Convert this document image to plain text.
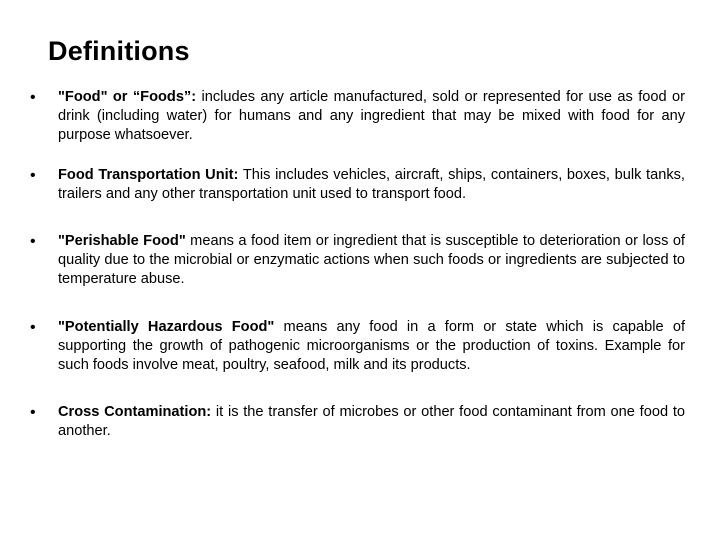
Definitions
• "Food" or “Foods”: includes any article manufactured, sold or represented for use as food or drink (including water) for humans and any ingredient that may be mixed with food for any purpose whatsoever.
• Food Transportation Unit: This includes vehicles, aircraft, ships, containers, boxes, bulk tanks, trailers and any other transportation unit used to transport food.
• "Perishable Food" means a food item or ingredient that is susceptible to deterioration or loss of quality due to the microbial or enzymatic actions when such foods or ingredients are subjected to temperature abuse.
• "Potentially Hazardous Food" means any food in a form or state which is capable of supporting the growth of pathogenic microorganisms or the production of toxins. Example for such foods involve meat, poultry, seafood, milk and its products.
• Cross Contamination: it is the transfer of microbes or other food contaminant from one food to another.
